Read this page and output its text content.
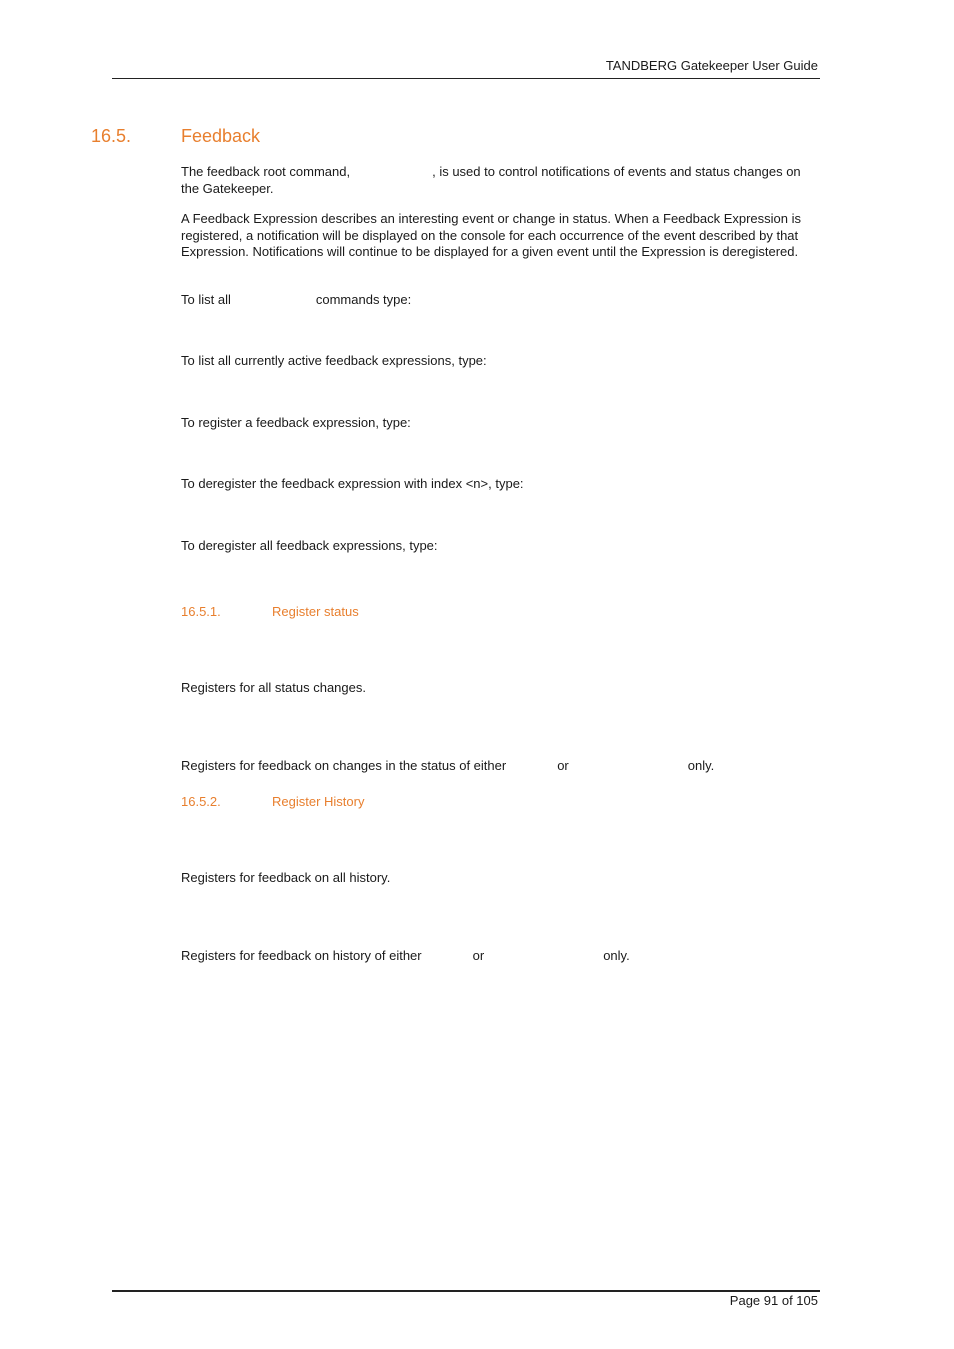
TANDBERG Gatekeeper User Guide
16.5.	Feedback
The feedback root command,	, is used to control notifications of events and status changes on the Gatekeeper.
A Feedback Expression describes an interesting event or change in status. When a Feedback Expression is registered, a notification will be displayed on the console for each occurrence of the event described by that Expression. Notifications will continue to be displayed for a given event until the Expression is deregistered.
To list all	commands type:
To list all currently active feedback expressions, type:
To register a feedback expression, type:
To deregister the feedback expression with index <n>, type:
To deregister all feedback expressions, type:
16.5.1.	Register status
Registers for all status changes.
Registers for feedback on changes in the status of either	or	only.
16.5.2.	Register History
Registers for feedback on all history.
Registers for feedback on history of either	or	only.
Page 91 of 105
